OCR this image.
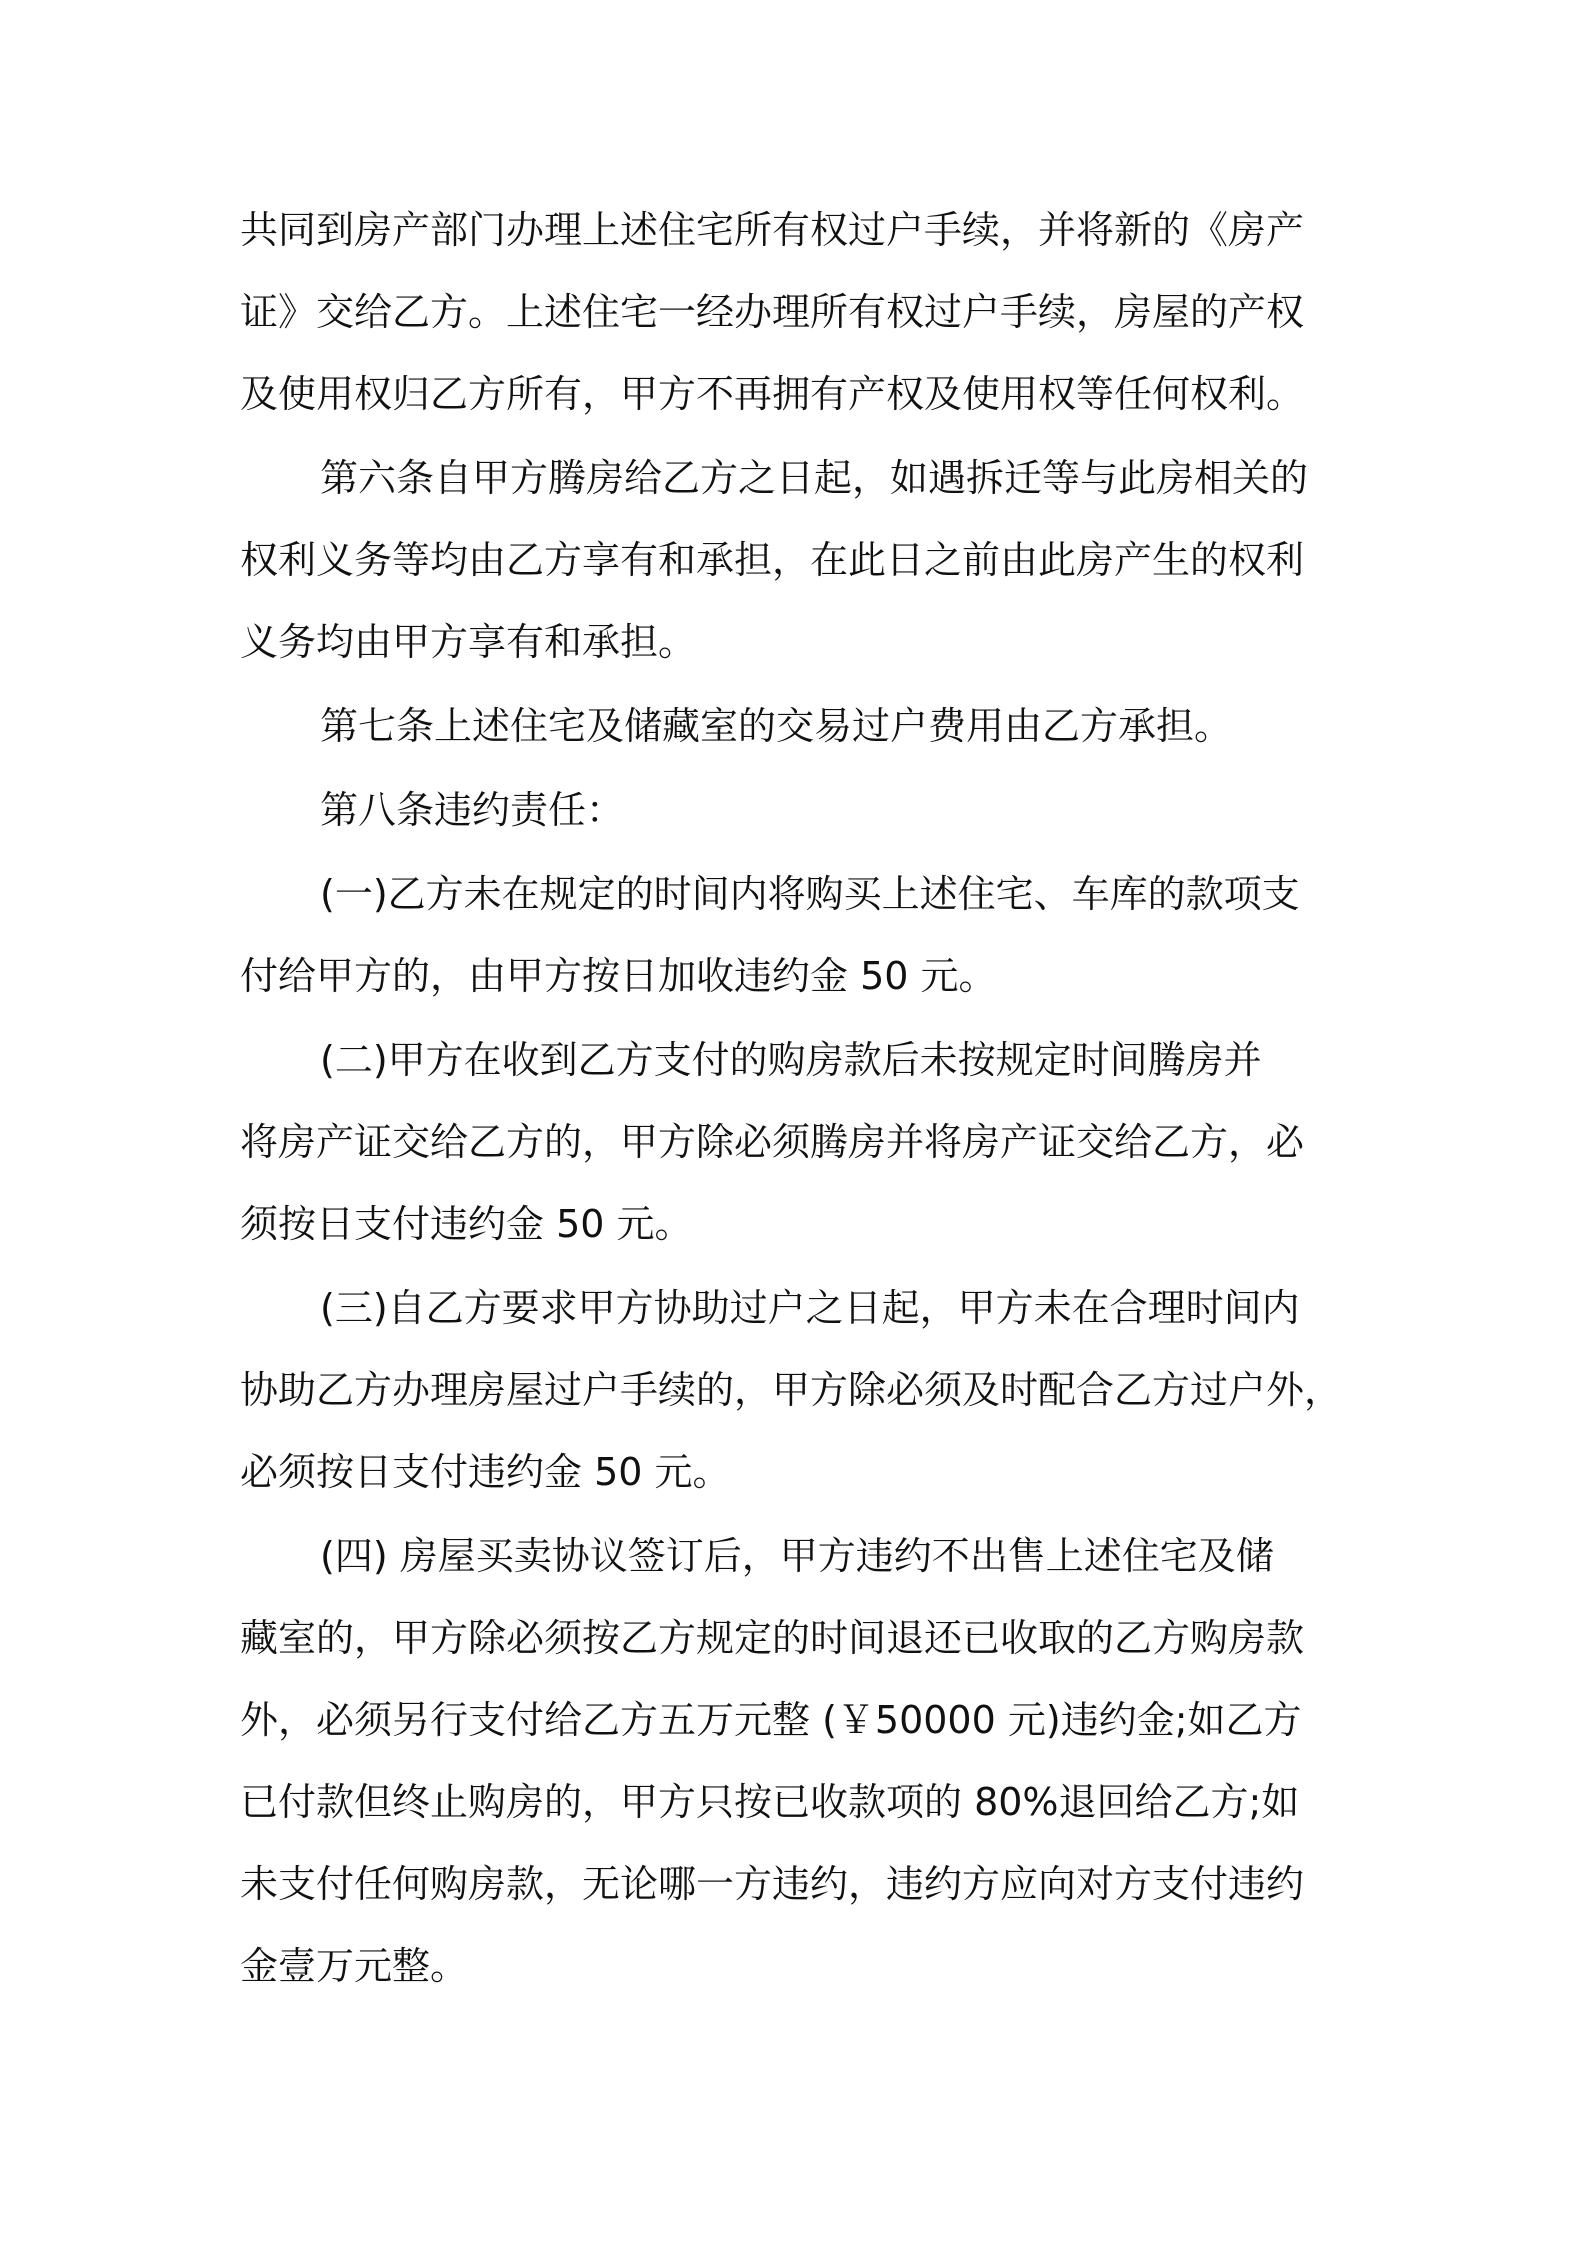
共同到房产部门办理上述住宅所有权过户手续，并将新的《房产
证》交给乙方。上述住宅一经办理所有权过户手续，房屋的产权
及使用权归乙方所有，甲方不再拥有产权及使用权等任何权利。
第六条自甲方腾房给乙方之日起，如遇拆迁等与此房相关的
权利义务等均由乙方享有和承担，在此日之前由此房产生的权利
义务均由甲方享有和承担。
第七条上述住宅及储藏室的交易过户费用由乙方承担。
第八条违约责任：
(一)乙方未在规定的时间内将购买上述住宅、车库的款项支
付给甲方的，由甲方按日加收违约金 50 元。
(二)甲方在收到乙方支付的购房款后未按规定时间腾房并
将房产证交给乙方的，甲方除必须腾房并将房产证交给乙方，必
须按日支付违约金 50 元。
(三)自乙方要求甲方协助过户之日起，甲方未在合理时间内
协助乙方办理房屋过户手续的，甲方除必须及时配合乙方过户外，
必须按日支付违约金 50 元。
(四) 房屋买卖协议签订后，甲方违约不出售上述住宅及储
藏室的，甲方除必须按乙方规定的时间退还已收取的乙方购房款
外，必须另行支付给乙方五万元整 (￥50000 元)违约金;如乙方
已付款但终止购房的，甲方只按已收款项的 80%退回给乙方;如
未支付任何购房款，无论哪一方违约，违约方应向对方支付违约
金壹万元整。
